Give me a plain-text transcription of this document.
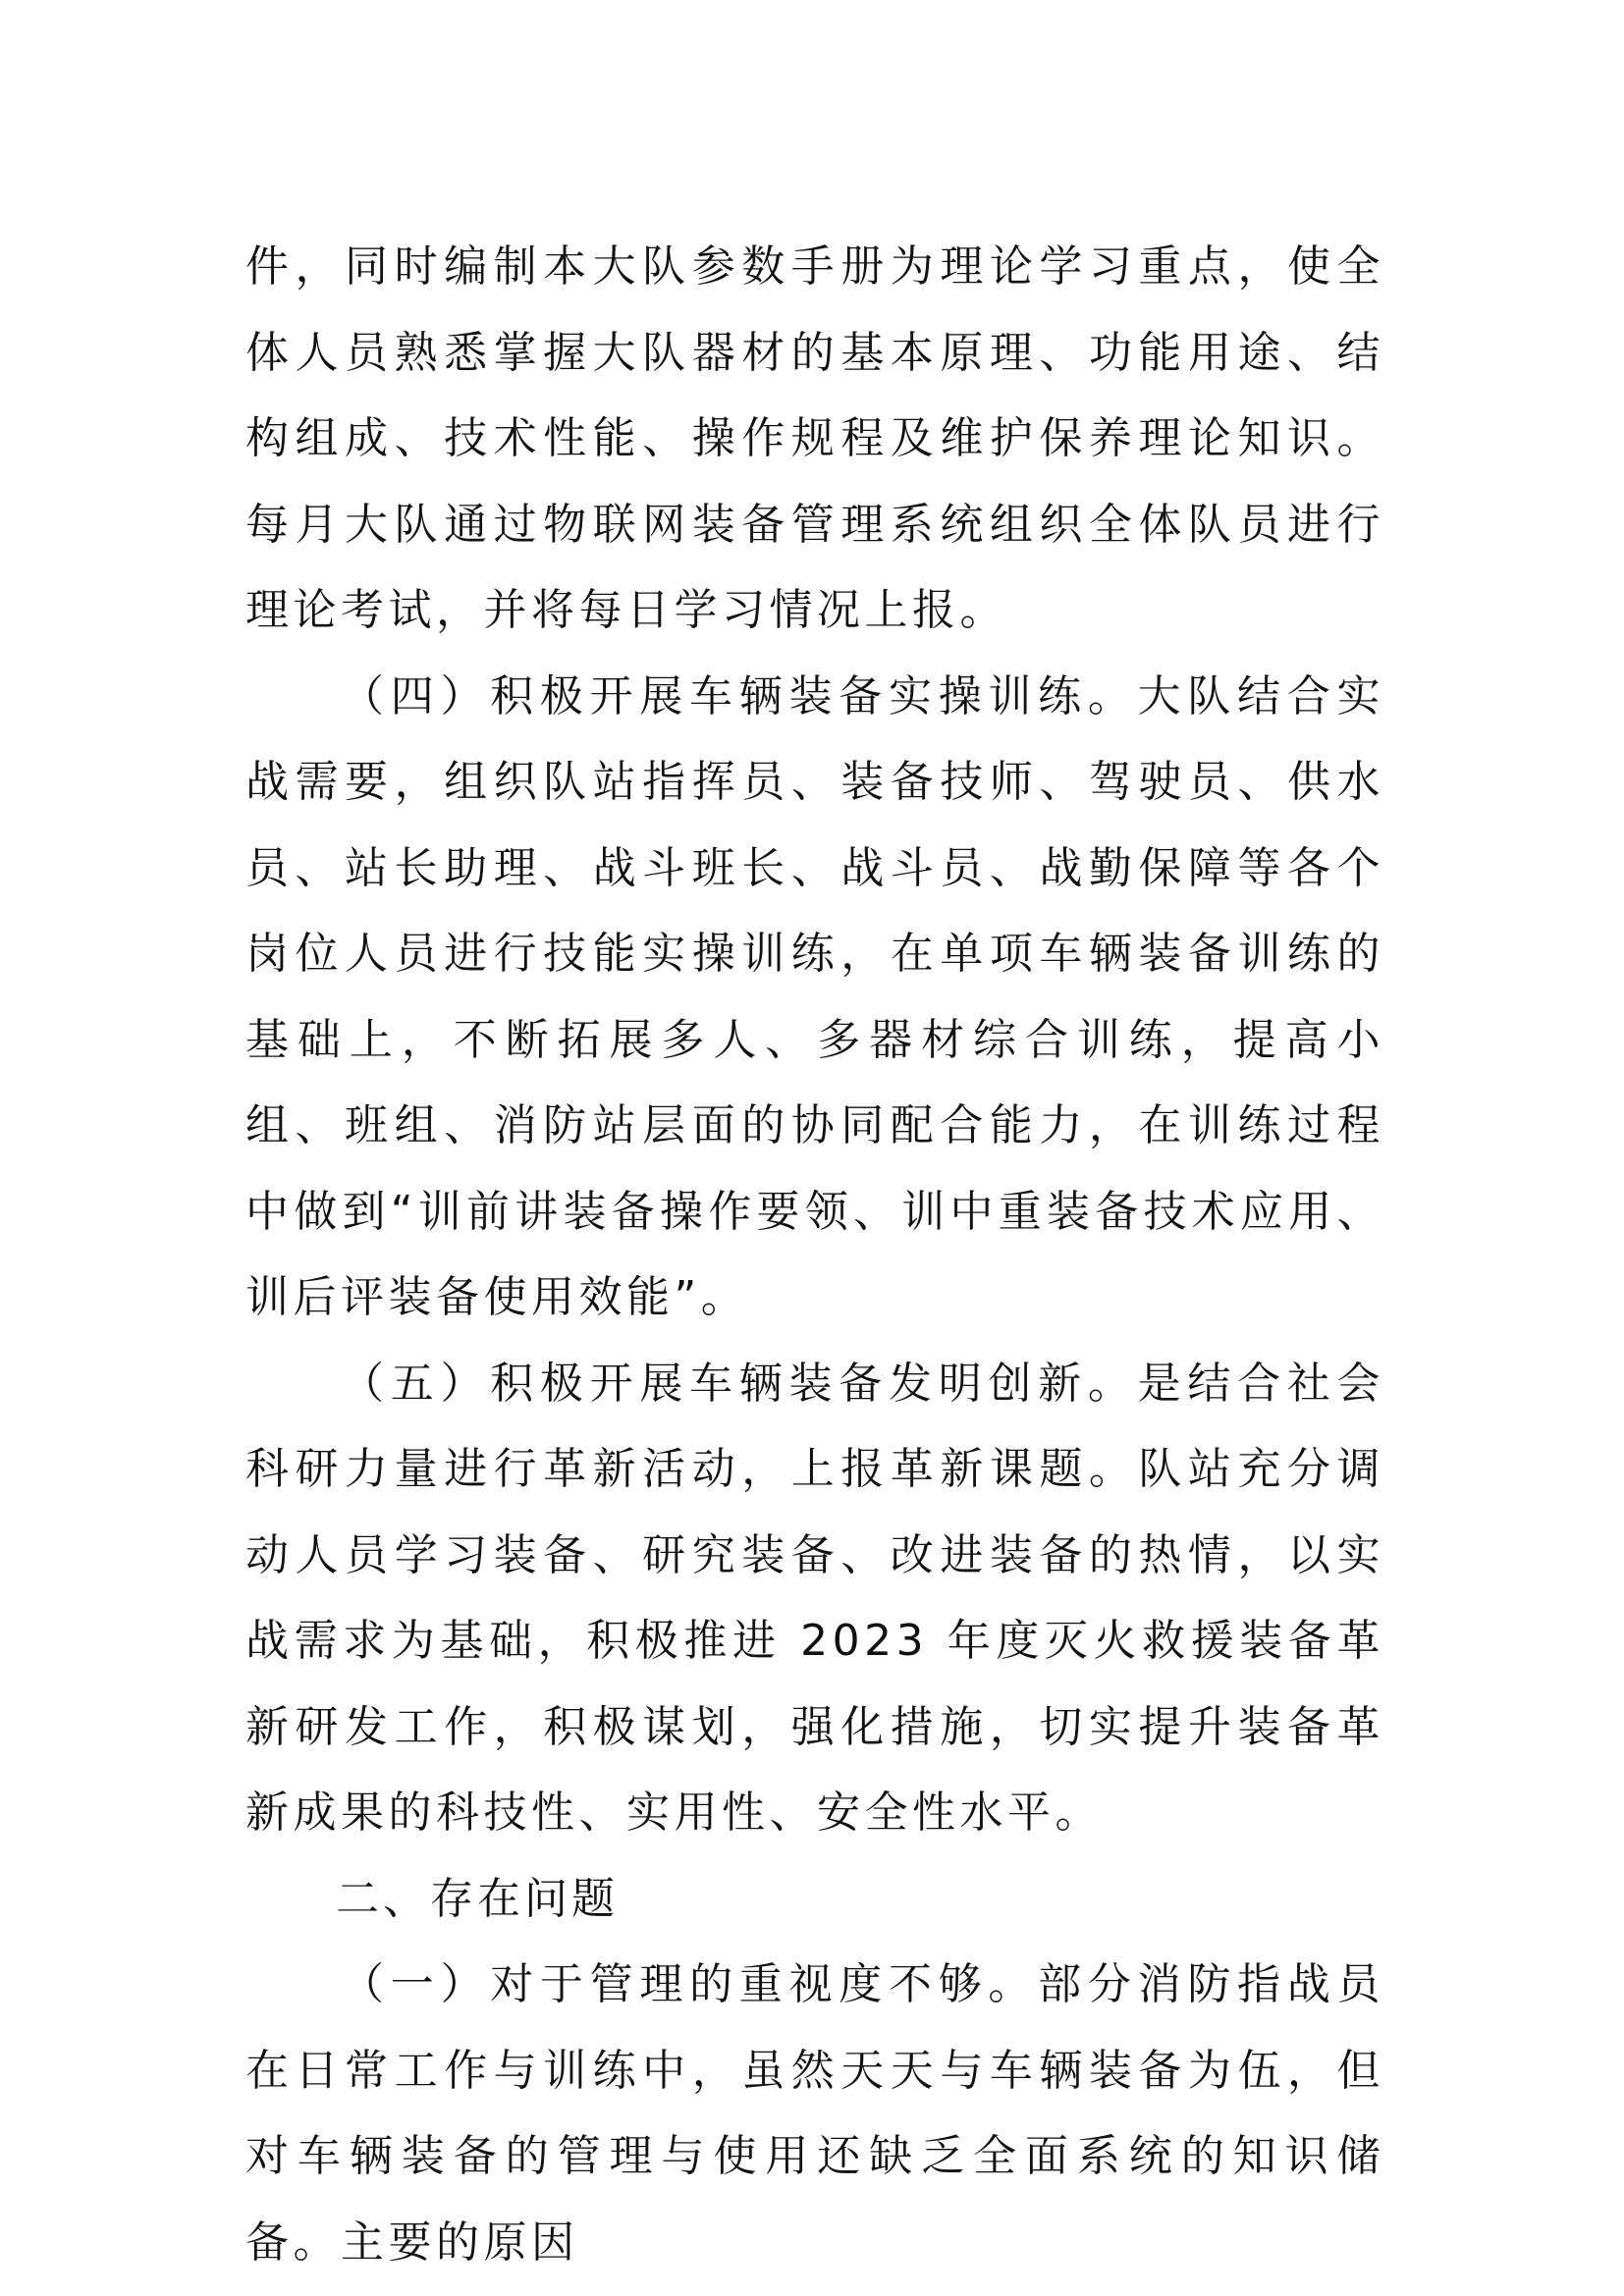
件，同时编制本大队参数手册为理论学习重点，使全体人员熟悉掌握大队器材的基本原理、功能用途、结构组成、技术性能、操作规程及维护保养理论知识。每月大队通过物联网装备管理系统组织全体队员进行理论考试，并将每日学习情况上报。

（四）积极开展车辆装备实操训练。大队结合实战需要，组织队站指挥员、装备技师、驾驶员、供水员、站长助理、战斗班长、战斗员、战勤保障等各个岗位人员进行技能实操训练，在单项车辆装备训练的基础上，不断拓展多人、多器材综合训练，提高小组、班组、消防站层面的协同配合能力，在训练过程中做到“训前讲装备操作要领、训中重装备技术应用、训后评装备使用效能”。

（五）积极开展车辆装备发明创新。是结合社会科研力量进行革新活动，上报革新课题。队站充分调动人员学习装备、研究装备、改进装备的热情，以实战需求为基础，积极推进 2023 年度灭火救援装备革新研发工作，积极谋划，强化措施，切实提升装备革新成果的科技性、实用性、安全性水平。

二、存在问题

（一）对于管理的重视度不够。部分消防指战员在日常工作与训练中，虽然天天与车辆装备为伍，但对车辆装备的管理与使用还缺乏全面系统的知识储备。主要的原因
